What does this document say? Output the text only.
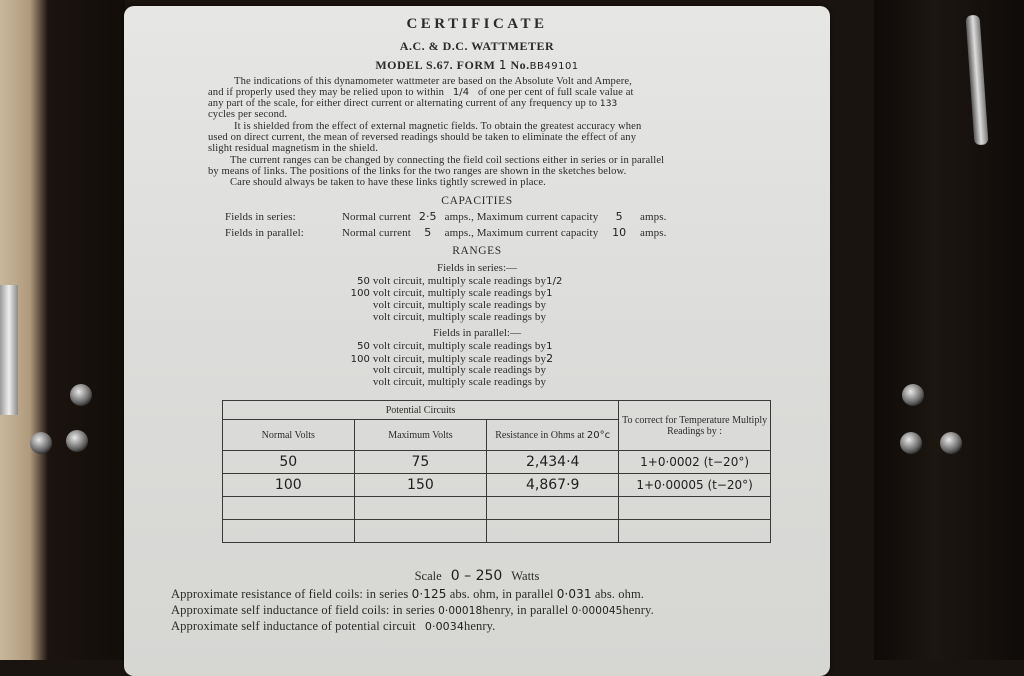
CERTIFICATE
A.C. & D.C. WATTMETER
MODEL S.67. FORM 1 No.BB49101
The indications of this dynamometer wattmeter are based on the Absolute Volt and Ampere,
and if properly used they may be relied upon to within 1/4 of one per cent of full scale value at
any part of the scale, for either direct current or alternating current of any frequency up to 133
cycles per second.
It is shielded from the effect of external magnetic fields. To obtain the greatest accuracy when
used on direct current, the mean of reversed readings should be taken to eliminate the effect of any
slight residual magnetism in the shield.
The current ranges can be changed by connecting the field coil sections either in series or in parallel
by means of links. The positions of the links for the two ranges are shown in the sketches below.
Care should always be taken to have these links tightly screwed in place.
CAPACITIES
Fields in series:	Normal current 2·5 amps., Maximum current capacity 5 amps.
Fields in parallel:	Normal current 5 amps., Maximum current capacity 10 amps.
RANGES
Fields in series:—
50 volt circuit, multiply scale readings by1/2
100 volt circuit, multiply scale readings by1
volt circuit, multiply scale readings by
volt circuit, multiply scale readings by
Fields in parallel:—
50 volt circuit, multiply scale readings by1
100 volt circuit, multiply scale readings by2
volt circuit, multiply scale readings by
volt circuit, multiply scale readings by
Potential Circuits			To correct for Temperature Multiply Readings by :
Normal Volts	Maximum Volts	Resistance in Ohms at 20°c	
50	75	2,434·4	1+0·0002 (t−20°)
100	150	4,867·9	1+0·00005 (t−20°)

Scale 0 – 250 Watts
Approximate resistance of field coils: in series 0·125 abs. ohm, in parallel 0·031 abs. ohm.
Approximate self inductance of field coils: in series 0·00018henry, in parallel 0·000045henry.
Approximate self inductance of potential circuit 0·0034henry.
